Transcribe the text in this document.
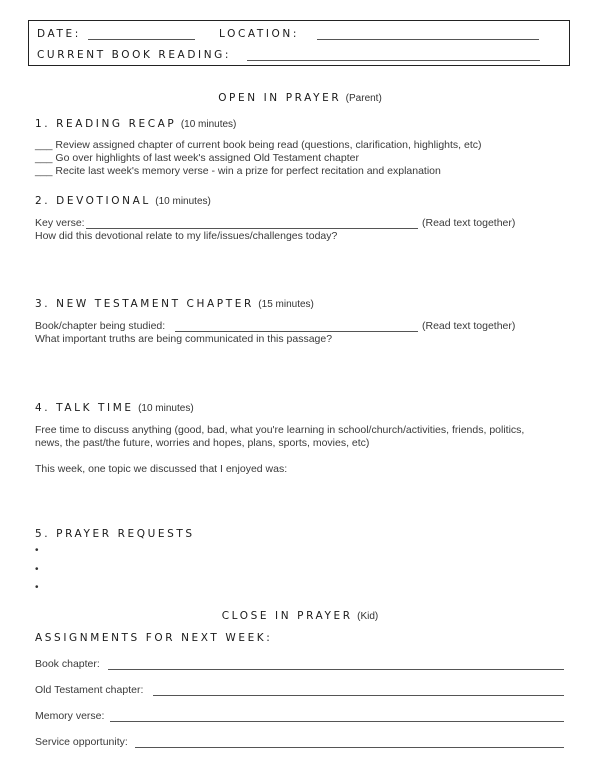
DATE:	LOCATION:
CURRENT BOOK READING:
OPEN IN PRAYER (Parent)
1. READING RECAP (10 minutes)
___ Review assigned chapter of current book being read (questions, clarification, highlights, etc)
___ Go over highlights of last week's assigned Old Testament chapter
___ Recite last week's memory verse - win a prize for perfect recitation and explanation
2. DEVOTIONAL (10 minutes)
Key verse:	(Read text together)
How did this devotional relate to my life/issues/challenges today?
3. NEW TESTAMENT CHAPTER (15 minutes)
Book/chapter being studied:	(Read text together)
What important truths are being communicated in this passage?
4. TALK TIME (10 minutes)
Free time to discuss anything (good, bad, what you're learning in school/church/activities, friends, politics,
news, the past/the future, worries and hopes, plans, sports, movies, etc)
This week, one topic we discussed that I enjoyed was:
5. PRAYER REQUESTS
•
•
•
CLOSE IN PRAYER (Kid)
ASSIGNMENTS FOR NEXT WEEK:
Book chapter:
Old Testament chapter:
Memory verse:
Service opportunity:
